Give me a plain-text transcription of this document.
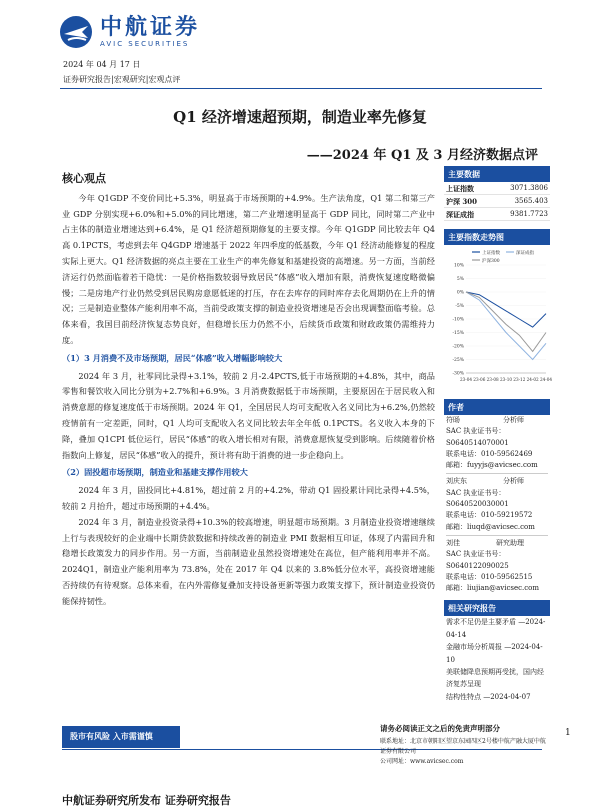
中航证券
AVIC SECURITIES
2024 年 04 月 17 日
证券研究报告|宏观研究|宏观点评
Q1 经济增速超预期，制造业率先修复
——2024 年 Q1 及 3 月经济数据点评
核心观点

今年 Q1GDP 不变价同比+5.3%，明显高于市场预期的+4.9%。生产法角度，Q1 第二和第三产业 GDP 分别实现+6.0%和+5.0%的同比增速，第二产业增速明显高于 GDP 同比，同时第二产业中占主体的制造业增速达到+6.4%，是 Q1 经济超预期修复的主要支撑。今年 Q1GDP 同比较去年 Q4 高 0.1PCTS，考虑到去年 Q4GDP 增速基于 2022 年四季度的低基数，今年 Q1 经济动能修复的程度实际上更大。Q1 经济数据的亮点主要在工业生产的率先修复和基建投资的高增速。另一方面，当前经济运行仍然面临着若干隐忧：一是价格指数较弱导致居民“体感”收入增加有限，消费恢复速度略微偏慢；二是房地产行业仍然受到居民购房意愿低迷的打压，存在去库存的同时库存去化周期仍在上升的情况；三是制造业整体产能利用率不高，当前受政策支撑的制造业投资增速是否会出现调整面临考验。总体来看，我国目前经济恢复态势良好，但稳增长压力仍然不小，后续货币政策和财政政策仍需维持力度。

（1）3 月消费不及市场预期，居民“体感”收入增幅影响较大

2024 年 3 月，社零同比录得+3.1%，较前 2 月-2.4PCTS,低于市场预期的+4.8%，其中，商品零售和餐饮收入同比分别为+2.7%和+6.9%。3 月消费数据低于市场预期，主要原因在于居民收入和消费意愿的修复速度低于市场预期。2024 年 Q1，全国居民人均可支配收入名义同比为+6.2%,仍然较疫情前有一定差距，同时，Q1 人均可支配收入名义同比较去年全年低 0.1PCTS。名义收入本身的下降，叠加 Q1CPI 低位运行，居民“体感”的收入增长相对有限，消费意愿恢复受到影响。后续随着价格指数向上修复，居民“体感”收入的提升，预计将有助于消费的进一步企稳向上。

（2）固投超市场预期，制造业和基建支撑作用较大

2024 年 3 月，固投同比+4.81%，超过前 2 月的+4.2%，带动 Q1 固投累计同比录得+4.5%，较前 2 月抬升，超过市场预期的+4.4%。

2024 年 3 月，制造业投资录得+10.3%的较高增速，明显超市场预期。3 月制造业投资增速继续上行与表现较好的企业端中长期贷款数据和持续改善的制造业 PMI 数据相互印证，体现了内需回升和稳增长政策发力的同步作用。另一方面，当前制造业虽然投资增速处在高位，但产能利用率并不高。2024Q1，制造业产能利用率为 73.8%，处在 2017 年 Q4 以来的 3.8%低分位水平，高投资增速能否持续仍有待观察。总体来看，在内外需修复叠加支持设备更新等强力政策支撑下，预计制造业投资仍能保持韧性。

主要数据
上证指数	3071.3806
沪深 300	3565.403
深证成指	9381.7723
主要指数走势图
上证指数	深证成指
沪深300
10%
5%
0%
-5%
-10%
-15%
-20%
-25%
-30%
23-04 23-06 23-08 23-10 23-12 24-02 24-04
作者
符旸	分析师
SAC 执业证书号：S0640514070001
联系电话：010-59562469
邮箱：fuyyjs@avicsec.com
刘庆东	分析师
SAC 执业证书号：S0640520030001
联系电话：010-59219572
邮箱：liuqd@avicsec.com
刘佳	研究助理
SAC 执业证书号：S0640122090025
联系电话：010-59562515
邮箱：liujian@avicsec.com
相关研究报告
需求不足仍是主要矛盾 —2024-04-14
金融市场分析周报 —2024-04-10
美联储降息预期再受扰，国内经济复苏呈现
结构性特点 —2024-04-07
股市有风险 入市需谨慎
请务必阅读正文之后的免责声明部分
联系地址：北京市朝阳区望京东园四区2号楼中航产融大厦中航证券有限公司
公司网址：www.avicsec.com
1
中航证券研究所发布 证券研究报告
